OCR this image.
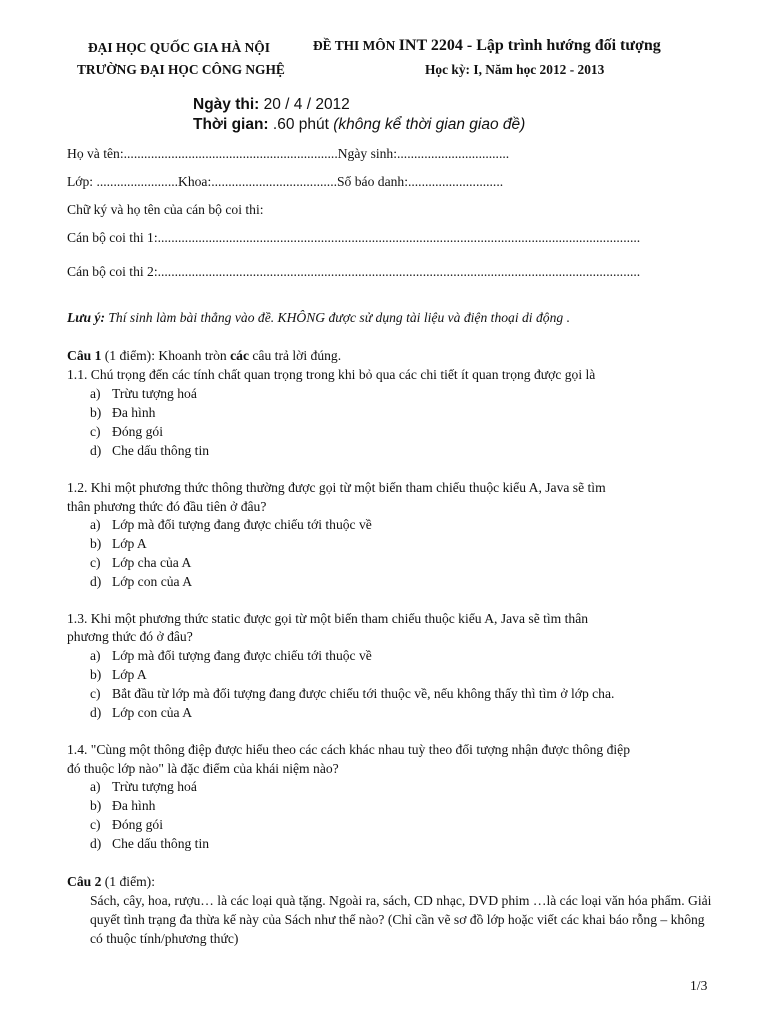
ĐẠI HỌC QUỐC GIA HÀ NỘI
TRƯỜNG ĐẠI HỌC CÔNG NGHỆ
ĐỀ THI MÔN INT 2204 - Lập trình hướng đối tượng
Học kỳ: I, Năm học 2012 - 2013
Ngày thi: 20 / 4 / 2012
Thời gian: .60 phút (không kể thời gian giao đề)
Họ và tên:...............................................................Ngày sinh:.................................
Lớp: ........................Khoa:.....................................Số báo danh:............................
Chữ ký và họ tên của cán bộ coi thi:
Cán bộ coi thi 1:..............................................................................................................................................
Cán bộ coi thi 2:..............................................................................................................................................
Lưu ý: Thí sinh làm bài thẳng vào đề. KHÔNG được sử dụng tài liệu và điện thoại di động .
Câu 1 (1 điểm): Khoanh tròn các câu trả lời đúng.
1.1. Chú trọng đến các tính chất quan trọng trong khi bỏ qua các chi tiết ít quan trọng được gọi là
a) Trừu tượng hoá
b) Đa hình
c) Đóng gói
d) Che dấu thông tin
1.2. Khi một phương thức thông thường được gọi từ một biến tham chiếu thuộc kiểu A, Java sẽ tìm
thân phương thức đó đầu tiên ở đâu?
a) Lớp mà đối tượng đang được chiếu tới thuộc về
b) Lớp A
c) Lớp cha của A
d) Lớp con của A
1.3. Khi một phương thức static được gọi từ một biến tham chiếu thuộc kiểu A, Java sẽ tìm thân
phương thức đó ở đâu?
a) Lớp mà đối tượng đang được chiếu tới thuộc về
b) Lớp A
c) Bắt đầu từ lớp mà đối tượng đang được chiếu tới thuộc về, nếu không thấy thì tìm ở lớp cha.
d) Lớp con của A
1.4. "Cùng một thông điệp được hiểu theo các cách khác nhau tuỳ theo đối tượng nhận được thông điệp
đó thuộc lớp nào" là đặc điểm của khái niệm nào?
a) Trừu tượng hoá
b) Đa hình
c) Đóng gói
d) Che dấu thông tin
Câu 2 (1 điểm):
Sách, cây, hoa, rượu… là các loại quà tặng. Ngoài ra, sách, CD nhạc, DVD phim …là các loại văn hóa phẩm. Giải quyết tình trạng đa thừa kế này của Sách như thế nào? (Chỉ cần vẽ sơ đồ lớp hoặc viết các khai báo rỗng – không có thuộc tính/phương thức)
1/3
